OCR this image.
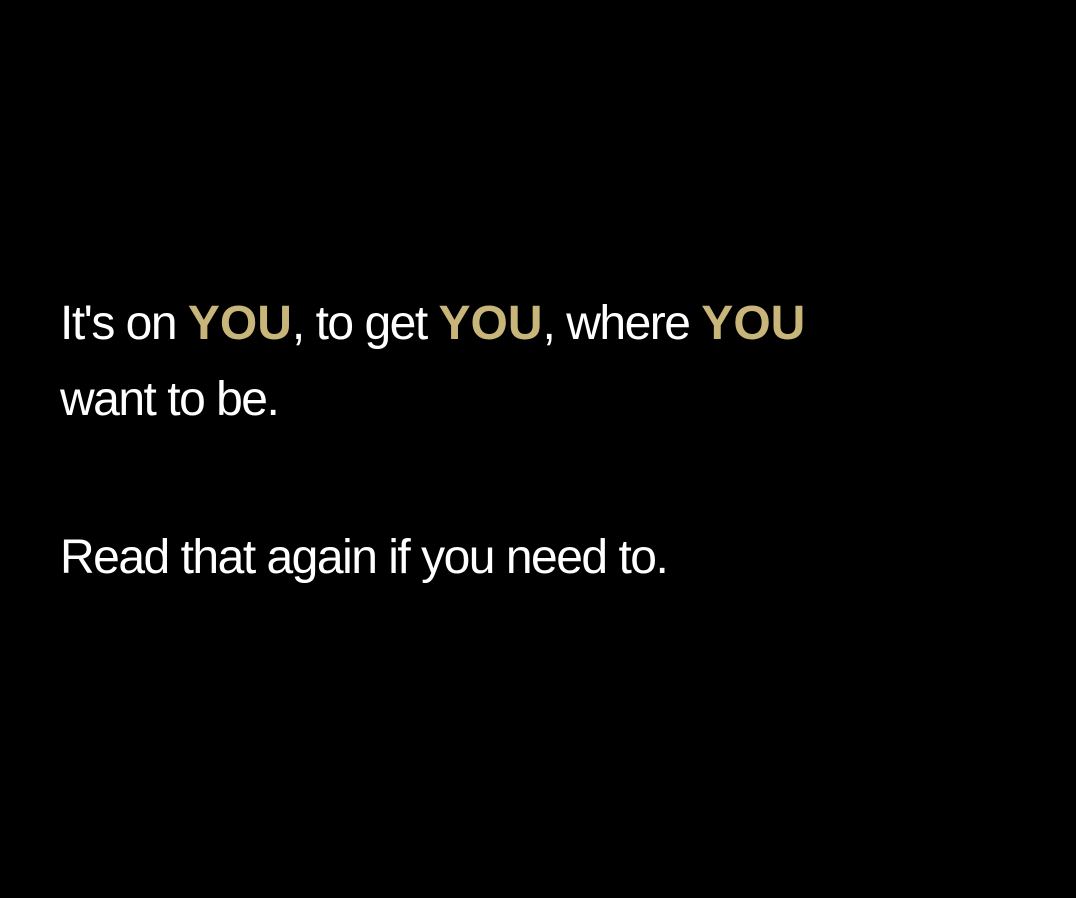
It's on YOU, to get YOU, where YOU
want to be.
Read that again if you need to.
